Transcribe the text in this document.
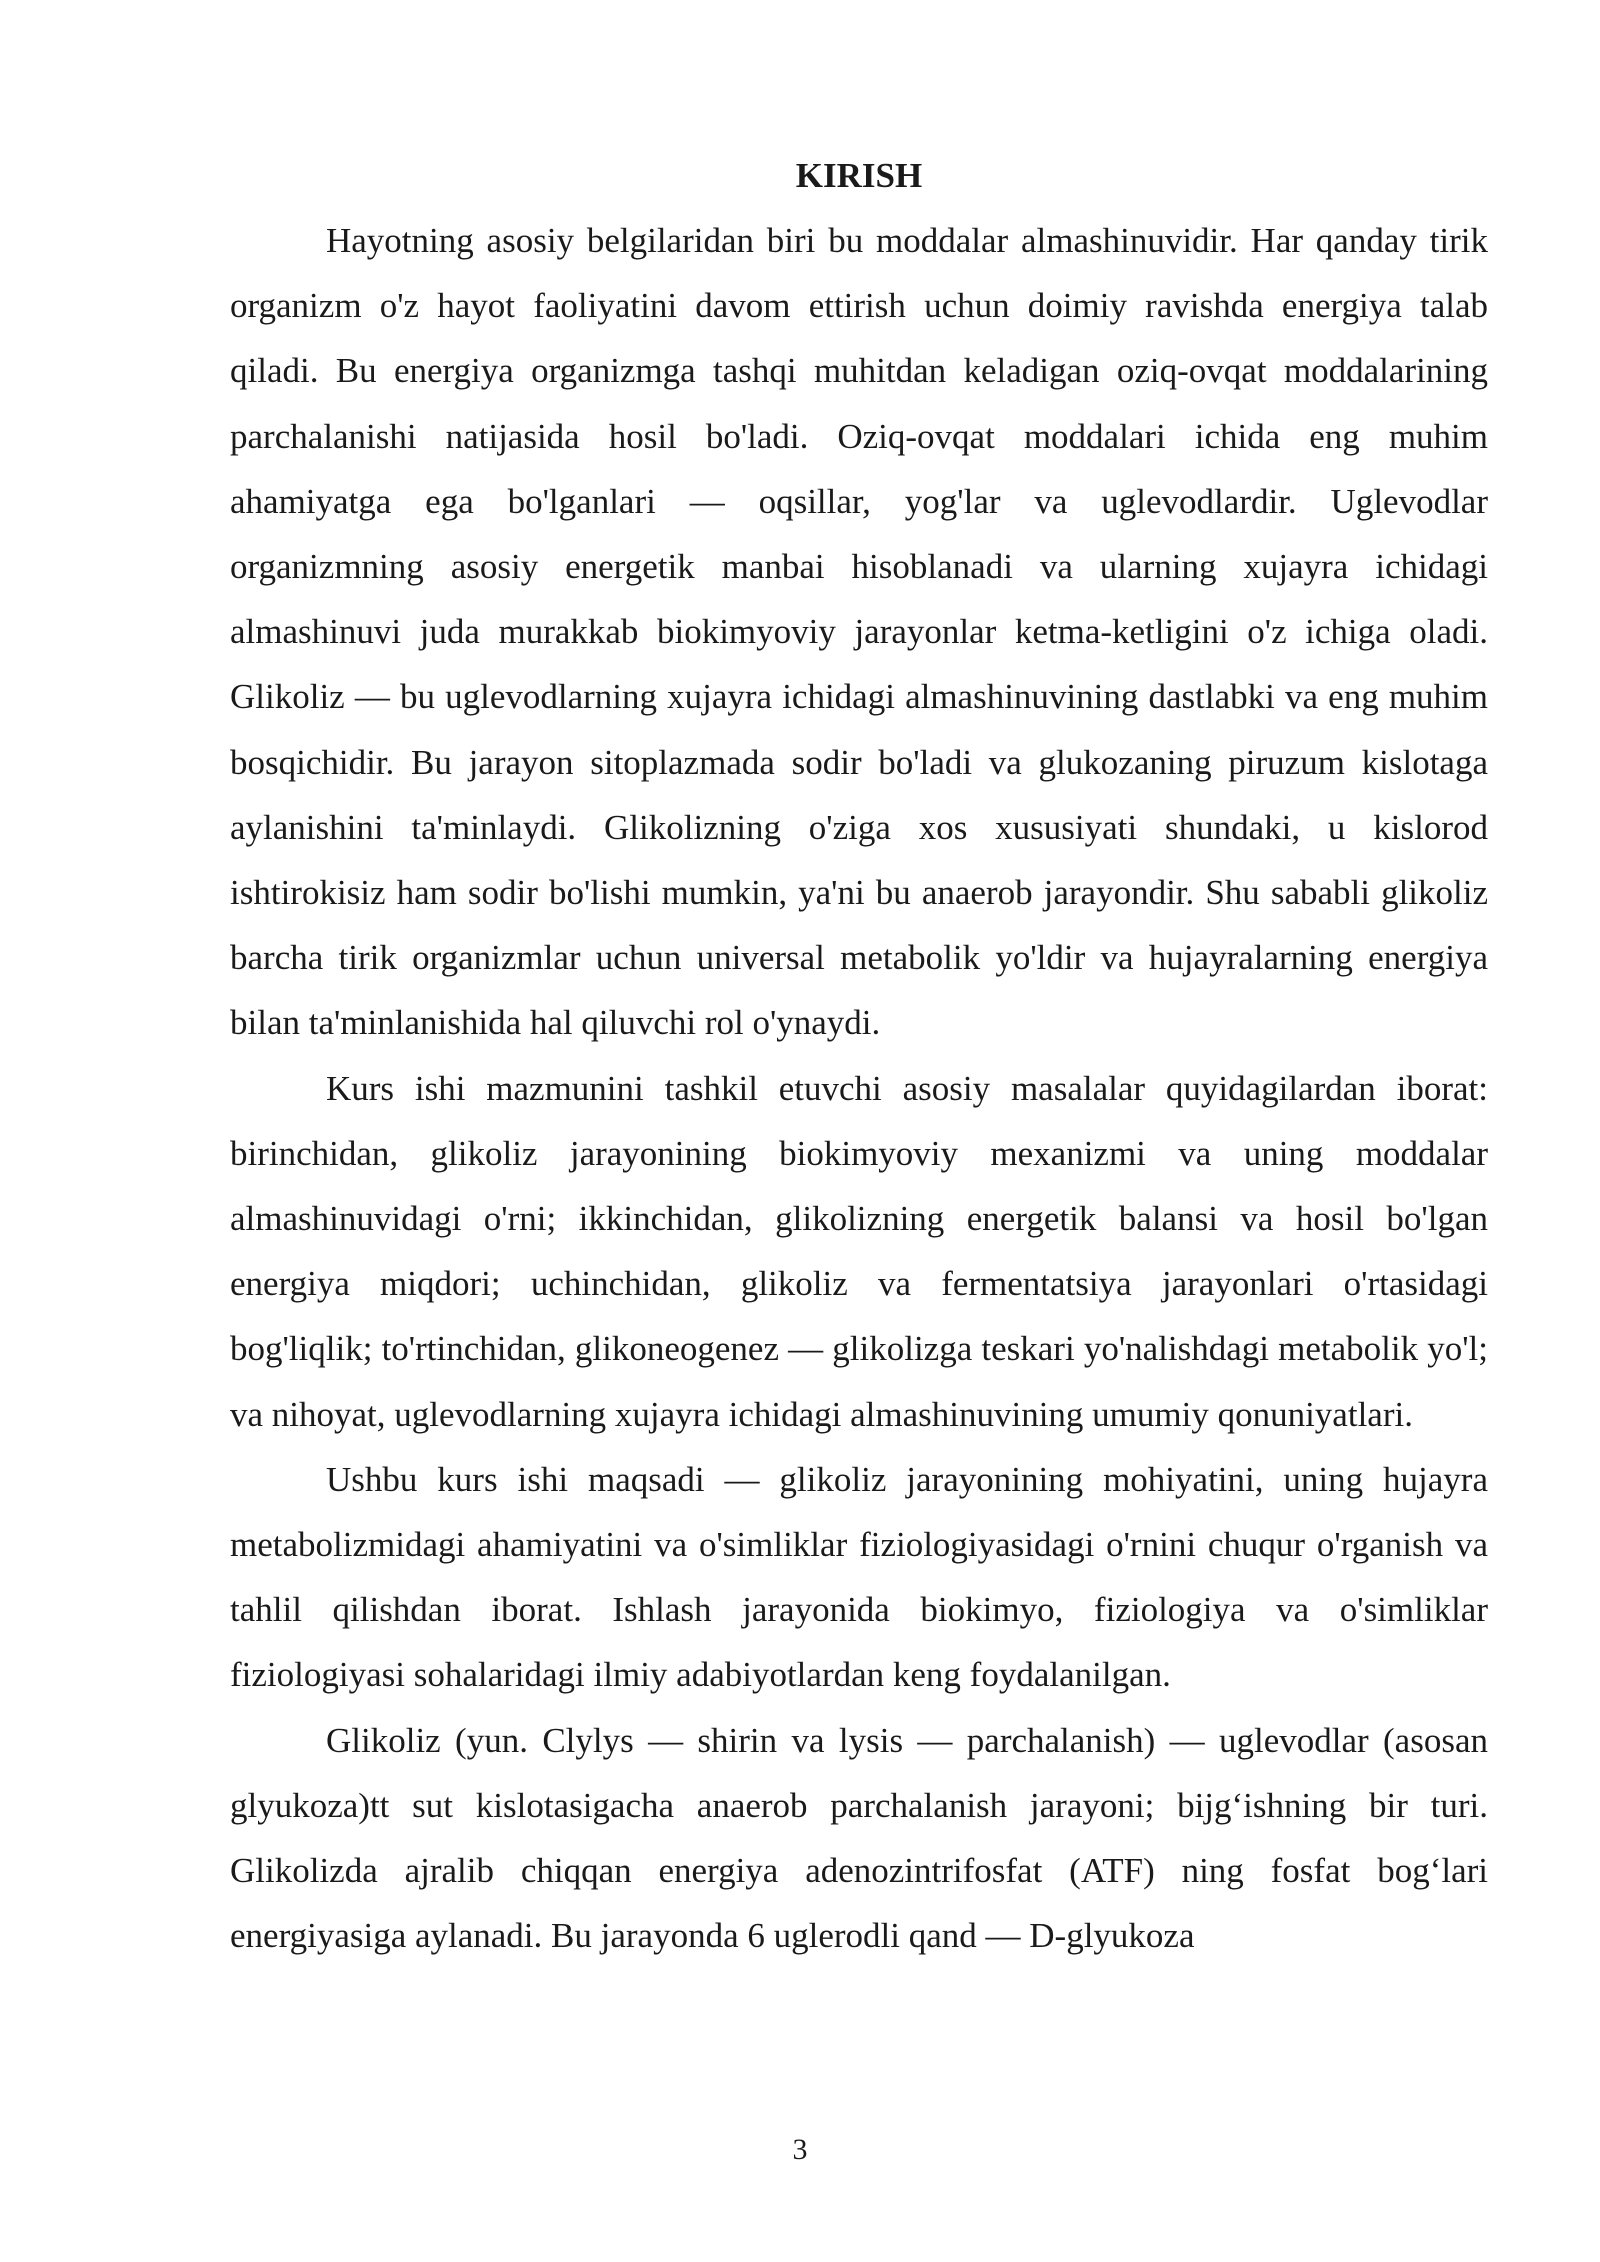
KIRISH

Hayotning asosiy belgilaridan biri bu moddalar almashinuvidir. Har qanday tirik organizm o'z hayot faoliyatini davom ettirish uchun doimiy ravishda energiya talab qiladi. Bu energiya organizmga tashqi muhitdan keladigan oziq-ovqat moddalarining parchalanishi natijasida hosil bo'ladi. Oziq-ovqat moddalari ichida eng muhim ahamiyatga ega bo'lganlari — oqsillar, yog'lar va uglevodlardir. Uglevodlar organizmning asosiy energetik manbai hisoblanadi va ularning xujayra ichidagi almashinuvi juda murakkab biokimyoviy jarayonlar ketma-ketligini o'z ichiga oladi. Glikoliz — bu uglevodlarning xujayra ichidagi almashinuvining dastlabki va eng muhim bosqichidir. Bu jarayon sitoplazmada sodir bo'ladi va glukozaning piruzum kislotaga aylanishini ta'minlaydi. Glikolizning o'ziga xos xususiyati shundaki, u kislorod ishtirokisiz ham sodir bo'lishi mumkin, ya'ni bu anaerob jarayondir. Shu sababli glikoliz barcha tirik organizmlar uchun universal metabolik yo'ldir va hujayralarning energiya bilan ta'minlanishida hal qiluvchi rol o'ynaydi.

Kurs ishi mazmunini tashkil etuvchi asosiy masalalar quyidagilardan iborat: birinchidan, glikoliz jarayonining biokimyoviy mexanizmi va uning moddalar almashinuvidagi o'rni; ikkinchidan, glikolizning energetik balansi va hosil bo'lgan energiya miqdori; uchinchidan, glikoliz va fermentatsiya jarayonlari o'rtasidagi bog'liqlik; to'rtinchidan, glikoneogenez — glikolizga teskari yo'nalishdagi metabolik yo'l; va nihoyat, uglevodlarning xujayra ichidagi almashinuvining umumiy qonuniyatlari.

Ushbu kurs ishi maqsadi — glikoliz jarayonining mohiyatini, uning hujayra metabolizmidagi ahamiyatini va o'simliklar fiziologiyasidagi o'rnini chuqur o'rganish va tahlil qilishdan iborat. Ishlash jarayonida biokimyo, fiziologiya va o'simliklar fiziologiyasi sohalaridagi ilmiy adabiyotlardan keng foydalanilgan.

Glikoliz (yun. Clylys — shirin va lysis — parchalanish) — uglevodlar (asosan glyukoza)tt sut kislotasigacha anaerob parchalanish jarayoni; bijg‘ishning bir turi. Glikolizda ajralib chiqqan energiya adenozintrifosfat (ATF) ning fosfat bog‘lari energiyasiga aylanadi. Bu jarayonda 6 uglerodli qand — D-glyukoza

3
